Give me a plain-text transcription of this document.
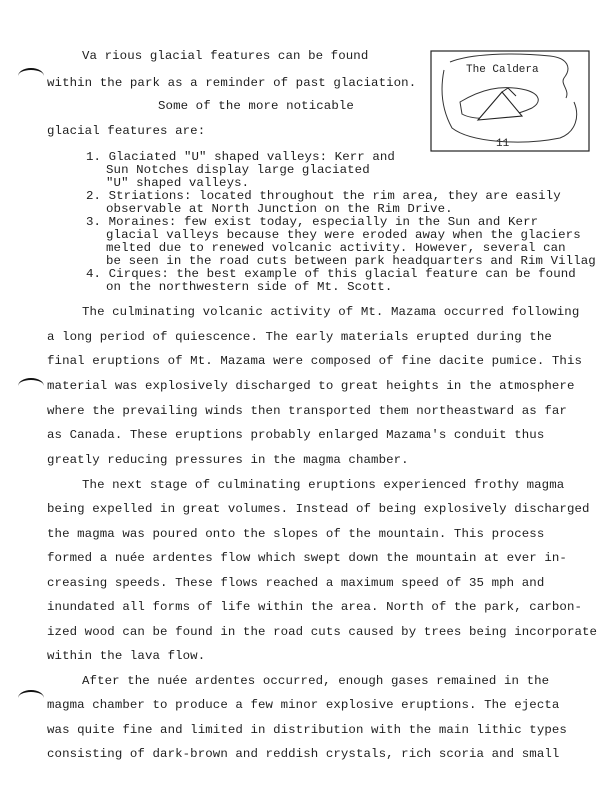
The Caldera
11
Va rious glacial features can be found
within the park as a reminder of past glaciation.
Some of the more noticable
glacial features are:
1. Glaciated "U" shaped valleys: Kerr and
Sun Notches display large glaciated
"U" shaped valleys.
2. Striations: located throughout the rim area, they are easily
observable at North Junction on the Rim Drive.
3. Moraines: few exist today, especially in the Sun and Kerr
glacial valleys because they were eroded away when the glaciers
melted due to renewed volcanic activity. However, several can
be seen in the road cuts between park headquarters and Rim Villag
4. Cirques: the best example of this glacial feature can be found
on the northwestern side of Mt. Scott.
The culminating volcanic activity of Mt. Mazama occurred following
a long period of quiescence. The early materials erupted during the
final eruptions of Mt. Mazama were composed of fine dacite pumice. This
material was explosively discharged to great heights in the atmosphere
where the prevailing winds then transported them northeastward as far
as Canada. These eruptions probably enlarged Mazama's conduit thus
greatly reducing pressures in the magma chamber.
The next stage of culminating eruptions experienced frothy magma
being expelled in great volumes. Instead of being explosively discharged
the magma was poured onto the slopes of the mountain. This process
formed a nuée ardentes flow which swept down the mountain at ever in-
creasing speeds. These flows reached a maximum speed of 35 mph and
inundated all forms of life within the area. North of the park, carbon-
ized wood can be found in the road cuts caused by trees being incorporate
within the lava flow.
After the nuée ardentes occurred, enough gases remained in the
magma chamber to produce a few minor explosive eruptions. The ejecta
was quite fine and limited in distribution with the main lithic types
consisting of dark-brown and reddish crystals, rich scoria and small
